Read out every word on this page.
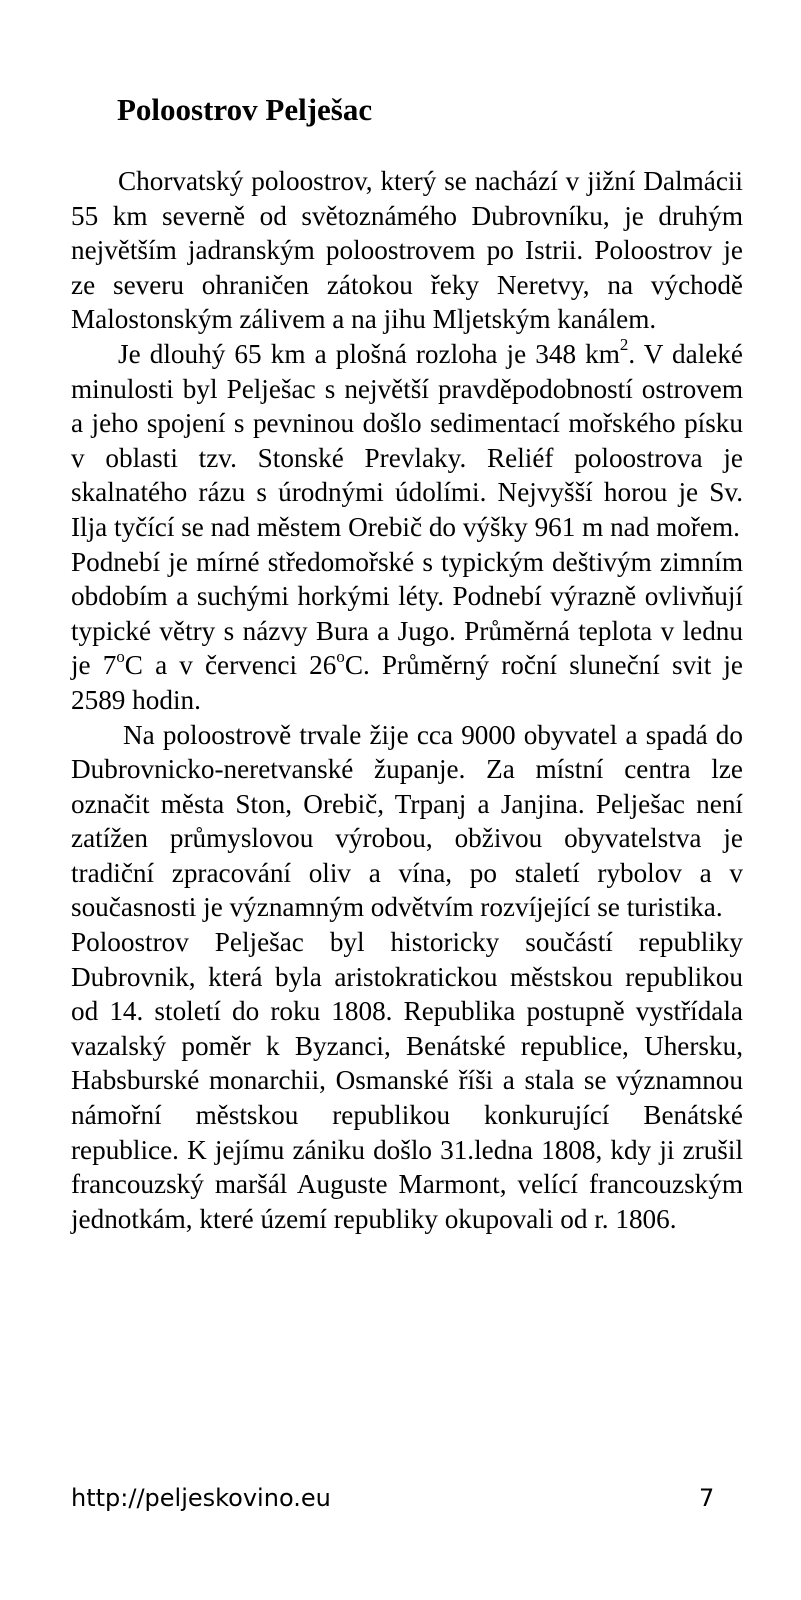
Poloostrov Pelješac

Chorvatský poloostrov, který se nachází v jižní Dalmácii 55 km severně od světoznámého Dubrovníku, je druhým největším jadranským poloostrovem po Istrii. Poloostrov je ze severu ohraničen zátokou řeky Neretvy, na východě Malostonským zálivem a na jihu Mljetským kanálem.

Je dlouhý 65 km a plošná rozloha je 348 $km^2$. V daleké minulosti byl Pelješac s největší pravděpodobností ostrovem a jeho spojení s pevninou došlo sedimentací mořského písku v oblasti tzv. Stonské Prevlaky. Reliéf poloostrova je skalnatého rázu s úrodnými údolími. Nejvyšší horou je Sv. Ilja tyčící se nad městem Orebič do výšky 961 m nad mořem.

Podnebí je mírné středomořské s typickým deštivým zimním obdobím a suchými horkými léty. Podnebí výrazně ovlivňují typické větry s názvy Bura a Jugo. Průměrná teplota v lednu je 7$^o$C a v červenci 26$^o$C. Průměrný roční sluneční svit je 2589 hodin.

Na poloostrově trvale žije cca 9000 obyvatel a spadá do Dubrovnicko-neretvanské županje. Za místní centra lze označit města Ston, Orebič, Trpanj a Janjina. Pelješac není zatížen průmyslovou výrobou, obživou obyvatelstva je tradiční zpracování oliv a vína, po staletí rybolov a v současnosti je významným odvětvím rozvíjející se turistika.

Poloostrov Pelješac byl historicky součástí republiky Dubrovnik, která byla aristokratickou městskou republikou od 14. století do roku 1808. Republika postupně vystřídala vazalský poměr k Byzanci, Benátské republice, Uhersku, Habsburské monarchii, Osmanské říši a stala se významnou námořní městskou republikou konkurující Benátské republice. K jejímu zániku došlo 31.ledna 1808, kdy ji zrušil francouzský maršál Auguste Marmont, velící francouzským jednotkám, které území republiky okupovali od r. 1806.

http://peljeskovino.eu	7
